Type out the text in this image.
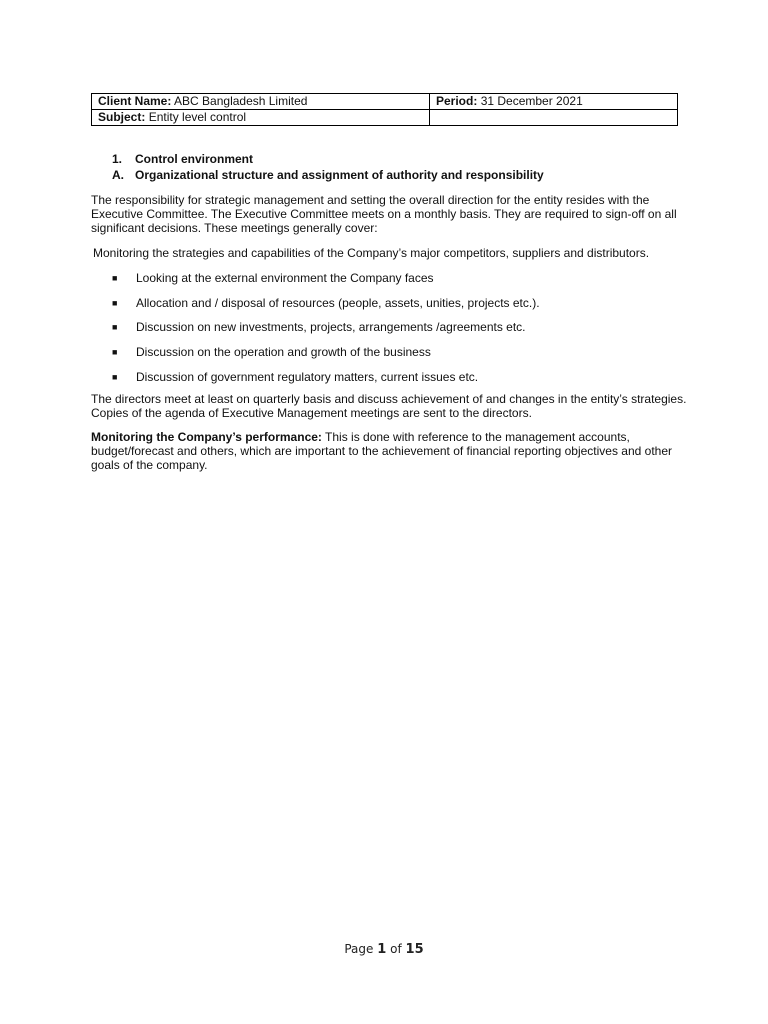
Client Name: ABC Bangladesh Limited	Period: 31 December 2021
Subject: Entity level control	
1.	Control environment
A. Organizational structure and assignment of authority and responsibility

The responsibility for strategic management and setting the overall direction for the entity resides with the Executive Committee. The Executive Committee meets on a monthly basis. They are required to sign-off on all significant decisions. These meetings generally cover:

Monitoring the strategies and capabilities of the Company’s major competitors, suppliers and distributors.

■	Looking at the external environment the Company faces
■	Allocation and / disposal of resources (people, assets, unities, projects etc.).
■	Discussion on new investments, projects, arrangements /agreements etc.
■	Discussion on the operation and growth of the business
■	Discussion of government regulatory matters, current issues etc.

The directors meet at least on quarterly basis and discuss achievement of and changes in the entity’s strategies. Copies of the agenda of Executive Management meetings are sent to the directors.

Monitoring the Company’s performance: This is done with reference to the management accounts, budget/forecast and others, which are important to the achievement of financial reporting objectives and other goals of the company.

Page 1 of 15
